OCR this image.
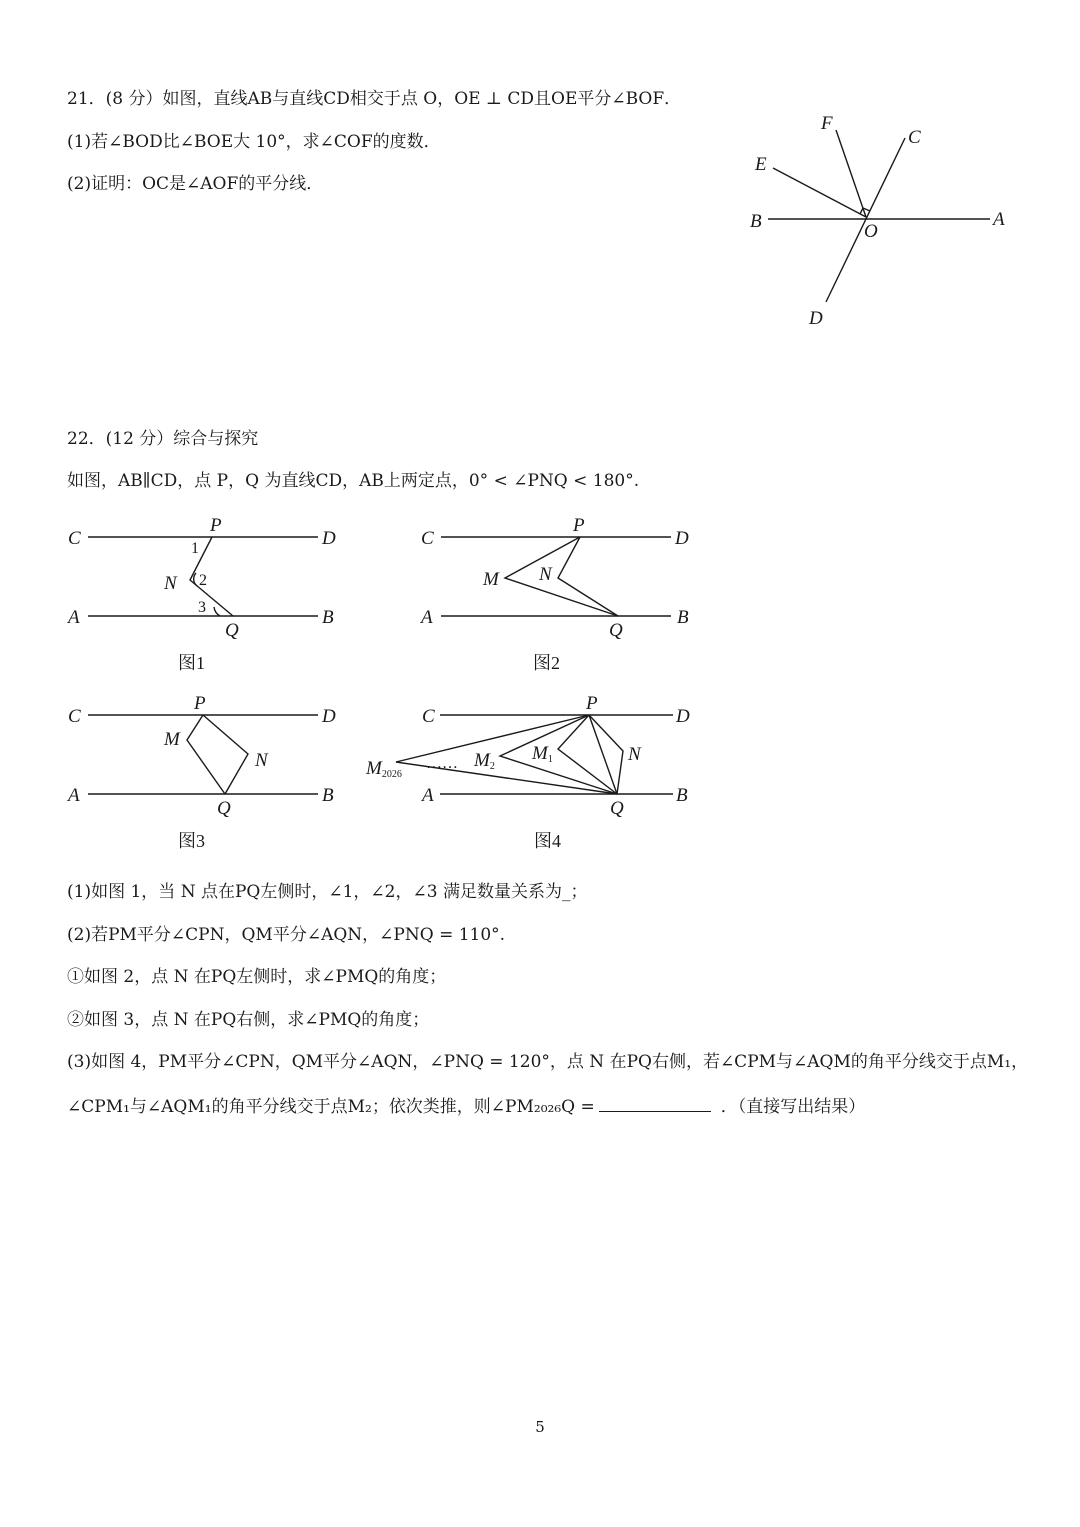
21．(8 分）如图，直线AB与直线CD相交于点 O，OE ⊥ CD且OE平分∠BOF．
(1)若∠BOD比∠BOE大 10°，求∠COF的度数．
(2)证明：OC是∠AOF的平分线．
F
C
E
B	O
A
D
22．(12 分）综合与探究
如图，AB∥CD，点 P，Q 为直线CD，AB上两定点，0° < ∠PNQ < 180°.
C
P
D
1
N 2
3
A
Q
B
图1
C
P
D
M N
A
Q
B
图2
C
P
D
M
N
A
Q
B
图3
C
P
D
M2026
…… M2
M1	N
A
Q
B
图4
(1)如图 1，当 N 点在PQ左侧时，∠1，∠2，∠3 满足数量关系为_；
(2)若PM平分∠CPN，QM平分∠AQN，∠PNQ = 110°.
①如图 2，点 N 在PQ左侧时，求∠PMQ的角度；
②如图 3，点 N 在PQ右侧，求∠PMQ的角度；
(3)如图 4，PM平分∠CPN，QM平分∠AQN，∠PNQ = 120°，点 N 在PQ右侧，若∠CPM与∠AQM的角平分线交于点M₁，
∠CPM₁与∠AQM₁的角平分线交于点M₂；依次类推，则∠PM₂₀₂₆Q =	．（直接写出结果）
5
